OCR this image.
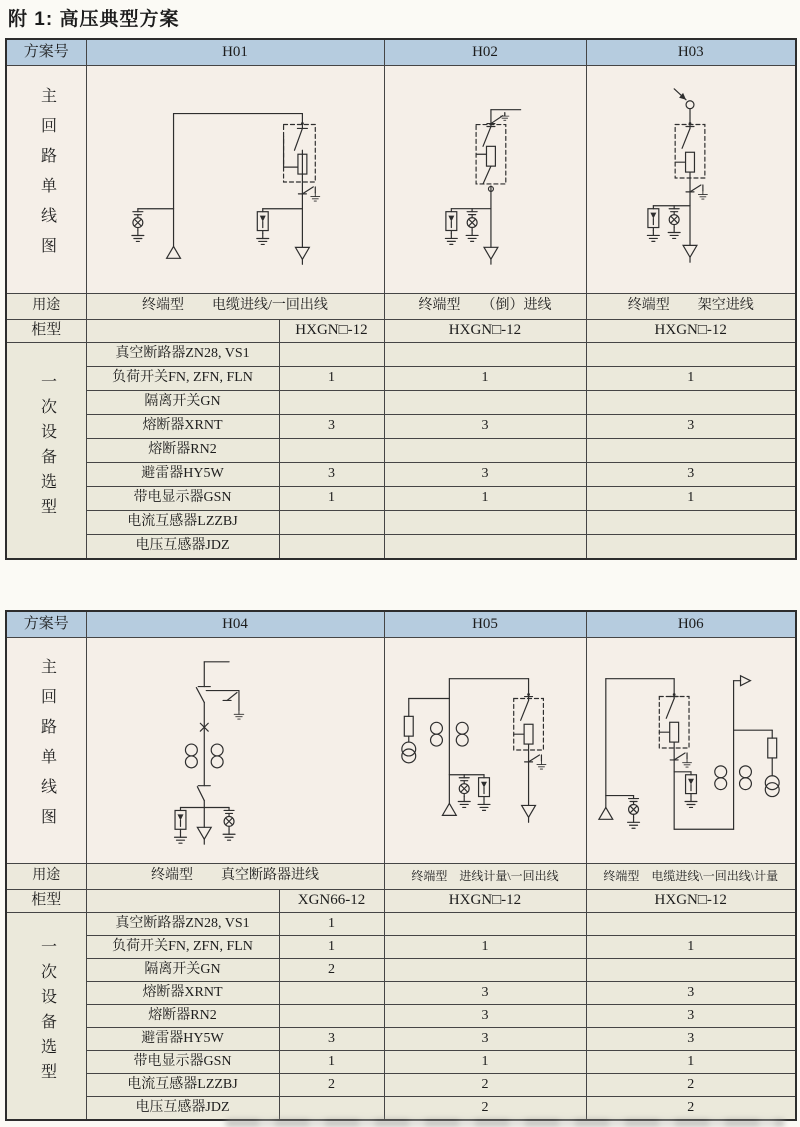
附 1: 高压典型方案
方案号	H01		H02	H03
主回路单线图	

用途	终端型　　电缆进线/一回出线		终端型　　（倒）进线	终端型　　架空进线
柜型		HXGN□-12	HXGN□-12	HXGN□-12
一次设备选型	真空断路器ZN28, VS1			
	负荷开关FN, ZFN, FLN	1	1	1
	隔离开关GN			
	熔断器XRNT	3	3	3
	熔断器RN2			
	避雷器HY5W	3	3	3
	带电显示器GSN	1	1	1
	电流互感器LZZBJ			
	电压互感器JDZ			
方案号	H04		H05	H06
主回路单线图	

用途	终端型　　真空断路器进线		终端型　进线计量\一回出线	终端型　电缆进线\一回出线\计量
柜型		XGN66-12	HXGN□-12	HXGN□-12
一次设备选型	真空断路器ZN28, VS1	1		
	负荷开关FN, ZFN, FLN	1	1	1
	隔离开关GN	2		
	熔断器XRNT		3	3
	熔断器RN2		3	3
	避雷器HY5W	3	3	3
	带电显示器GSN	1	1	1
	电流互感器LZZBJ	2	2	2
	电压互感器JDZ		2	2
